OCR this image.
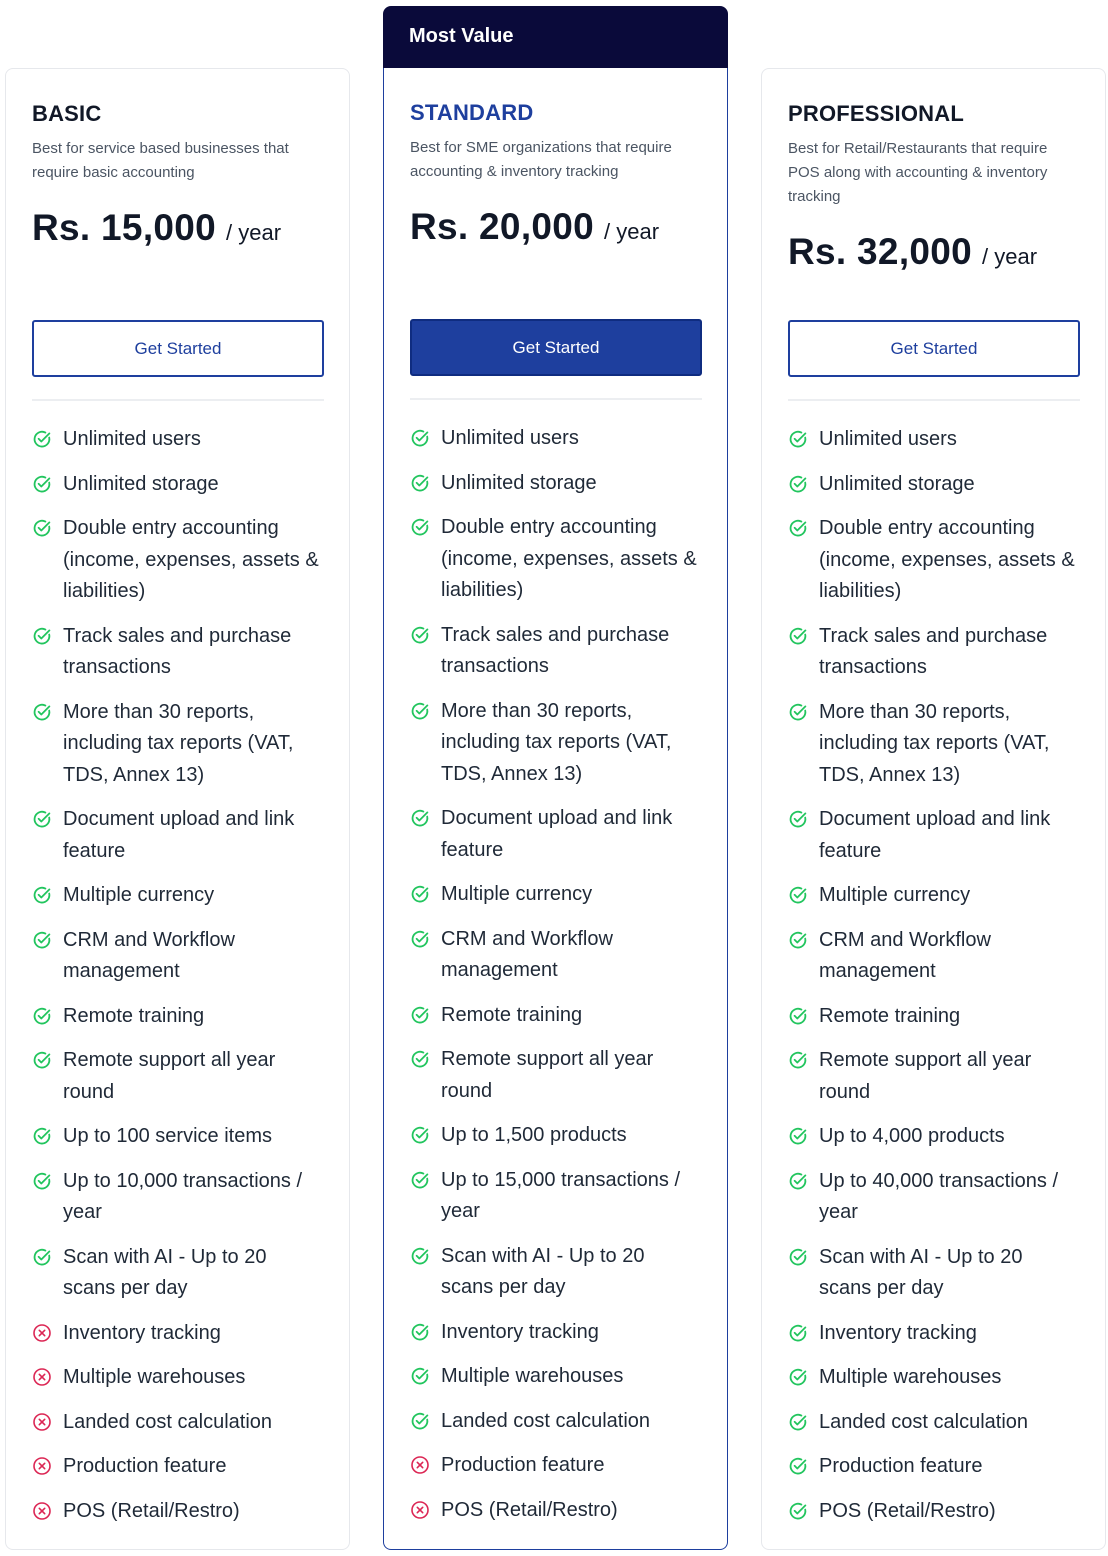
Most Value
BASIC

Best for service based businesses that require basic accounting

Rs. 15,000 / year
Get Started
Unlimited users
Unlimited storage
Double entry accounting (income, expenses, assets & liabilities)
Track sales and purchase transactions
More than 30 reports, including tax reports (VAT, TDS, Annex 13)
Document upload and link feature
Multiple currency
CRM and Workflow management
Remote training
Remote support all year round
Up to 100 service items
Up to 10,000 transactions / year
Scan with AI - Up to 20 scans per day
Inventory tracking
Multiple warehouses
Landed cost calculation
Production feature
POS (Retail/Restro)
STANDARD

Best for SME organizations that require accounting & inventory tracking

Rs. 20,000 / year
Get Started
Unlimited users
Unlimited storage
Double entry accounting (income, expenses, assets & liabilities)
Track sales and purchase transactions
More than 30 reports, including tax reports (VAT, TDS, Annex 13)
Document upload and link feature
Multiple currency
CRM and Workflow management
Remote training
Remote support all year round
Up to 1,500 products
Up to 15,000 transactions / year
Scan with AI - Up to 20 scans per day
Inventory tracking
Multiple warehouses
Landed cost calculation
Production feature
POS (Retail/Restro)
PROFESSIONAL

Best for Retail/Restaurants that require POS along with accounting & inventory tracking

Rs. 32,000 / year
Get Started
Unlimited users
Unlimited storage
Double entry accounting (income, expenses, assets & liabilities)
Track sales and purchase transactions
More than 30 reports, including tax reports (VAT, TDS, Annex 13)
Document upload and link feature
Multiple currency
CRM and Workflow management
Remote training
Remote support all year round
Up to 4,000 products
Up to 40,000 transactions / year
Scan with AI - Up to 20 scans per day
Inventory tracking
Multiple warehouses
Landed cost calculation
Production feature
POS (Retail/Restro)
